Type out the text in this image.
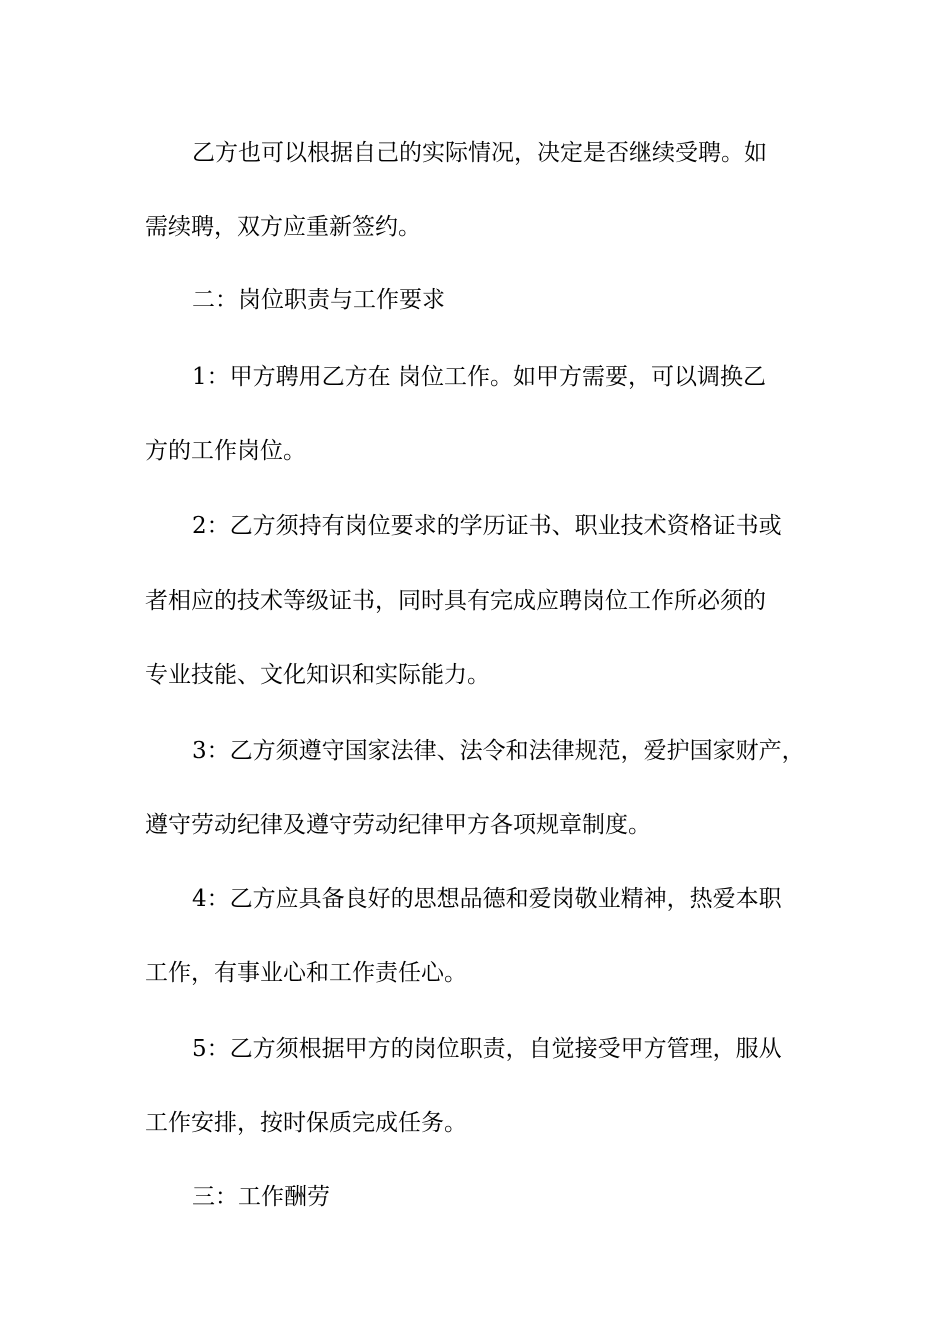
乙方也可以根据自己的实际情况，决定是否继续受聘。如
需续聘，双方应重新签约。
二：岗位职责与工作要求
1：甲方聘用乙方在 岗位工作。如甲方需要，可以调换乙
方的工作岗位。
2：乙方须持有岗位要求的学历证书、职业技术资格证书或
者相应的技术等级证书，同时具有完成应聘岗位工作所必须的
专业技能、文化知识和实际能力。
3：乙方须遵守国家法律、法令和法律规范，爱护国家财产，
遵守劳动纪律及遵守劳动纪律甲方各项规章制度。
4：乙方应具备良好的思想品德和爱岗敬业精神，热爱本职
工作，有事业心和工作责任心。
5：乙方须根据甲方的岗位职责，自觉接受甲方管理，服从
工作安排，按时保质完成任务。
三：工作酬劳
